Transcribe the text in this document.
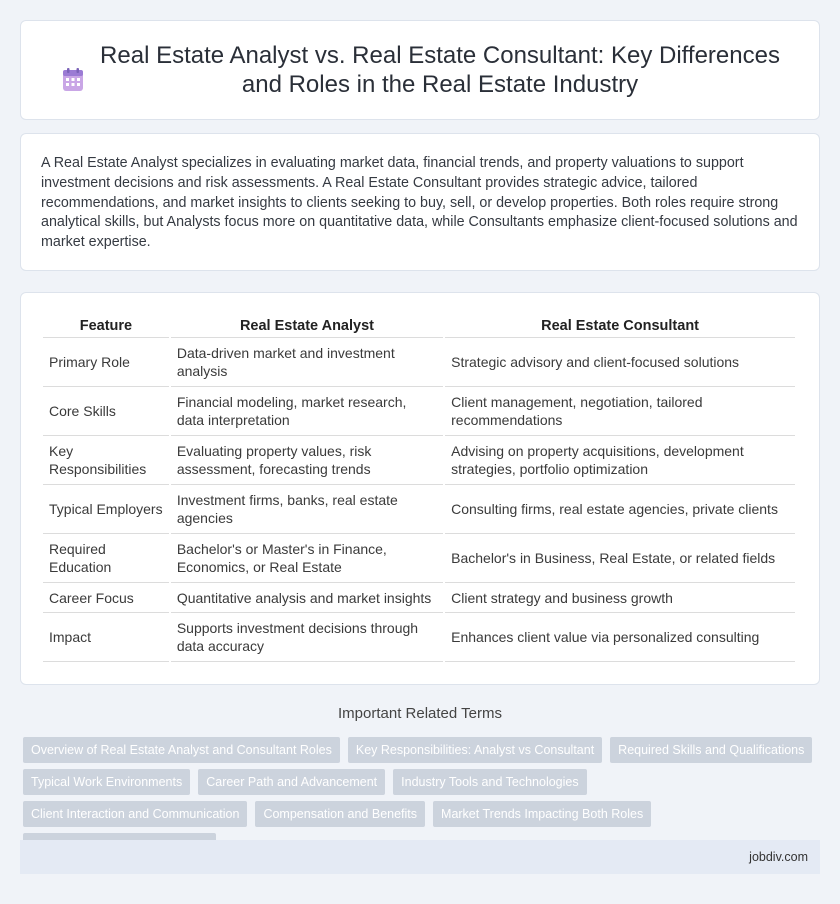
Real Estate Analyst vs. Real Estate Consultant: Key Differences and Roles in the Real Estate Industry

A Real Estate Analyst specializes in evaluating market data, financial trends, and property valuations to support investment decisions and risk assessments. A Real Estate Consultant provides strategic advice, tailored recommendations, and market insights to clients seeking to buy, sell, or develop properties. Both roles require strong analytical skills, but Analysts focus more on quantitative data, while Consultants emphasize client-focused solutions and market expertise.

Feature	Real Estate Analyst	Real Estate Consultant
Primary Role	Data-driven market and investment analysis	Strategic advisory and client-focused solutions
Core Skills	Financial modeling, market research, data interpretation	Client management, negotiation, tailored recommendations
Key Responsibilities	Evaluating property values, risk assessment, forecasting trends	Advising on property acquisitions, development strategies, portfolio optimization
Typical Employers	Investment firms, banks, real estate agencies	Consulting firms, real estate agencies, private clients
Required Education	Bachelor's or Master's in Finance, Economics, or Real Estate	Bachelor's in Business, Real Estate, or related fields
Career Focus	Quantitative analysis and market insights	Client strategy and business growth
Impact	Supports investment decisions through data accuracy	Enhances client value via personalized consulting
Important Related Terms
Overview of Real Estate Analyst and Consultant Roles	Key Responsibilities: Analyst vs Consultant	Required Skills and Qualifications
Typical Work Environments	Career Path and Advancement	Industry Tools and Technologies
Client Interaction and Communication	Compensation and Benefits	Market Trends Impacting Both Roles
jobdiv.com
